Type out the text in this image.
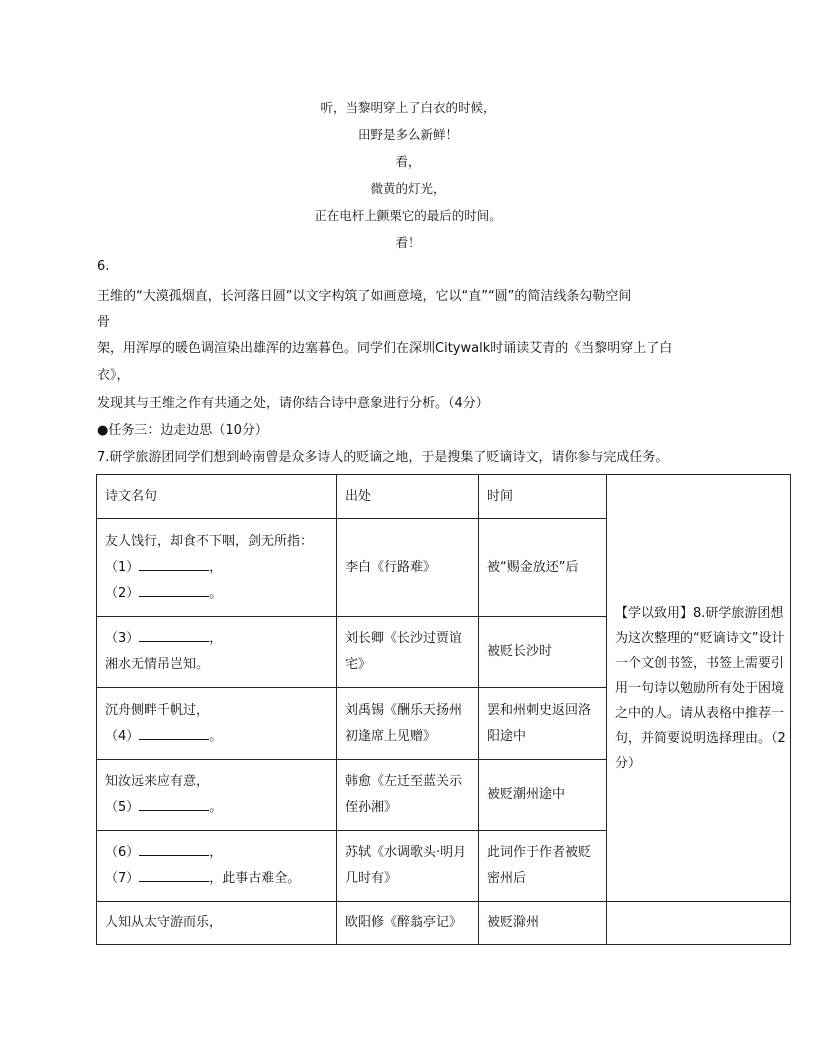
听，当黎明穿上了白衣的时候，
田野是多么新鲜！
看，
微黄的灯光，
正在电杆上颤栗它的最后的时间。
看！
6.
王维的“大漠孤烟直，长河落日圆”以文字构筑了如画意境，它以“直”“圆”的简洁线条勾勒空间
骨
架，用浑厚的暖色调渲染出雄浑的边塞暮色。同学们在深圳Citywalk时诵读艾青的《当黎明穿上了白
衣》，
发现其与王维之作有共通之处，请你结合诗中意象进行分析。（4分）
●任务三：边走边思（10分）
7.研学旅游团同学们想到岭南曾是众多诗人的贬谪之地，于是搜集了贬谪诗文，请你参与完成任务。
诗文名句	出处	时间	【学以致用】8.研学旅游团想为这次整理的“贬谪诗文”设计一个文创书签，书签上需要引用一句诗以勉励所有处于困境之中的人。请从表格中推荐一句，并简要说明选择理由。（2分）

友人饯行，却食不下咽，剑无所指：
（1） ，
（2） 。	李白《行路难》	被“赐金放还”后	

（3） ，
湘水无情吊岂知。	刘长卿《长沙过贾谊宅》	被贬长沙时	

沉舟侧畔千帆过，
（4） 。	刘禹锡《酬乐天扬州初逢席上见赠》	罢和州刺史返回洛阳途中	

知汝远来应有意，
（5） 。	韩愈《左迁至蓝关示侄孙湘》	被贬潮州途中	

（6） ，
（7） ，此事古难全。	苏轼《水调歌头·明月几时有》	此词作于作者被贬密州后	
人知从太守游而乐，	欧阳修《醉翁亭记》	被贬滁州	
